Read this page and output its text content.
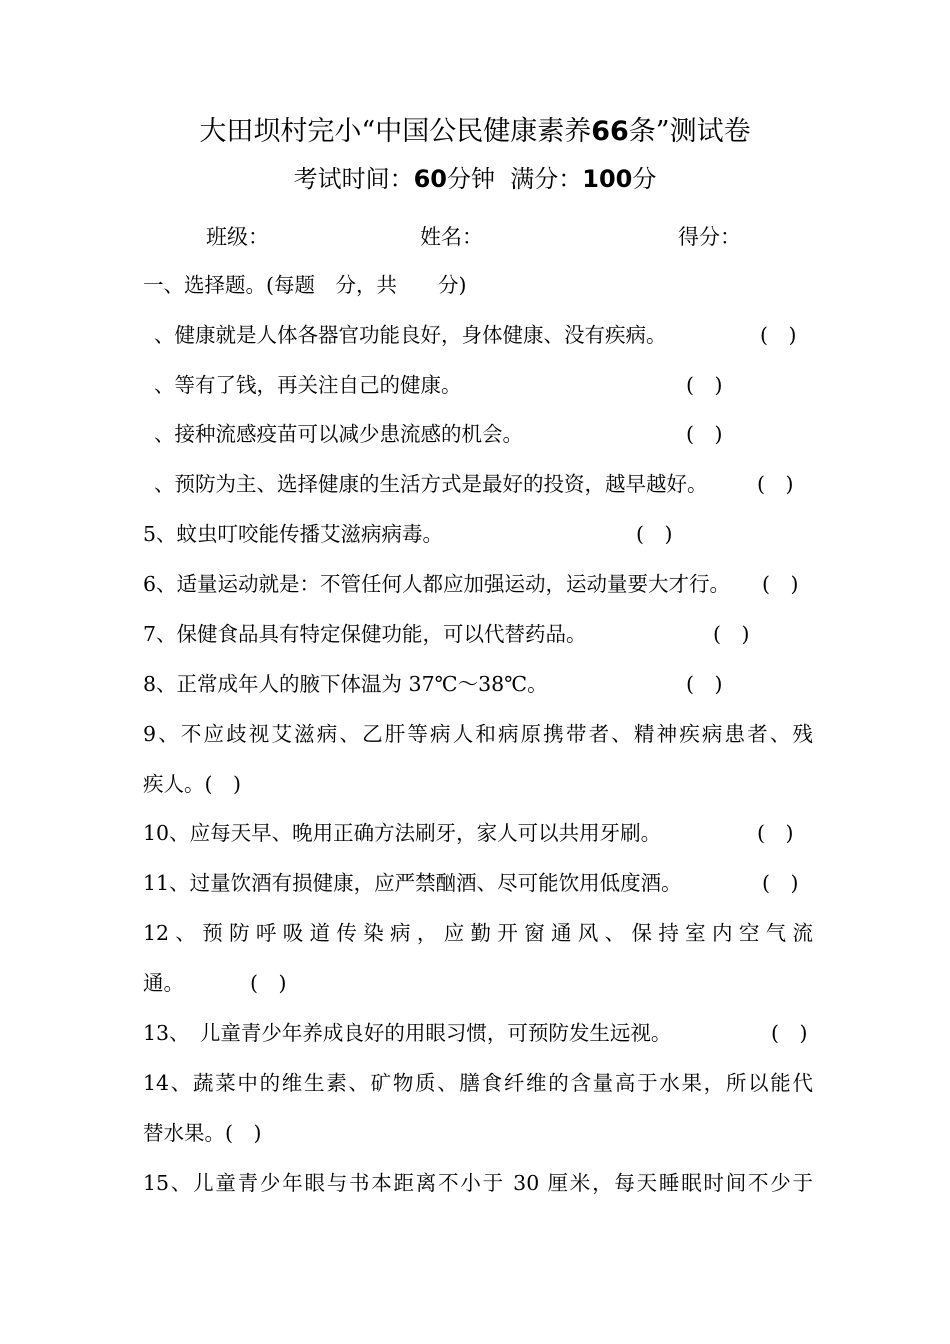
大田坝村完小“中国公民健康素养66条”测试卷
考试时间：60分钟 满分：100分
班级：	姓名：	得分：
一、选择题。(每题　分，共　　分)
、健康就是人体各器官功能良好，身体健康、没有疾病。	(　)
、等有了钱，再关注自己的健康。	(　)
、接种流感疫苗可以减少患流感的机会。	(　)
、预防为主、选择健康的生活方式是最好的投资，越早越好。	(　)
5、蚊虫叮咬能传播艾滋病病毒。	(　)
6、适量运动就是：不管任何人都应加强运动，运动量要大才行。	(　)
7、保健食品具有特定保健功能，可以代替药品。	(　)
8、正常成年人的腋下体温为 37℃～38℃。	(　)
9、不应歧视艾滋病、乙肝等病人和病原携带者、精神疾病患者、残
疾人。(　)
10、应每天早、晚用正确方法刷牙，家人可以共用牙刷。	(　)
11、过量饮酒有损健康，应严禁酗酒、尽可能饮用低度酒。	(　)
12、预防呼吸道传染病，应勤开窗通风、保持室内空气流
通。	(　)
13、　儿童青少年养成良好的用眼习惯，可预防发生远视。	(　)
14、蔬菜中的维生素、矿物质、膳食纤维的含量高于水果，所以能代
替水果。(　)
15、儿童青少年眼与书本距离不小于 30 厘米，每天睡眠时间不少于
